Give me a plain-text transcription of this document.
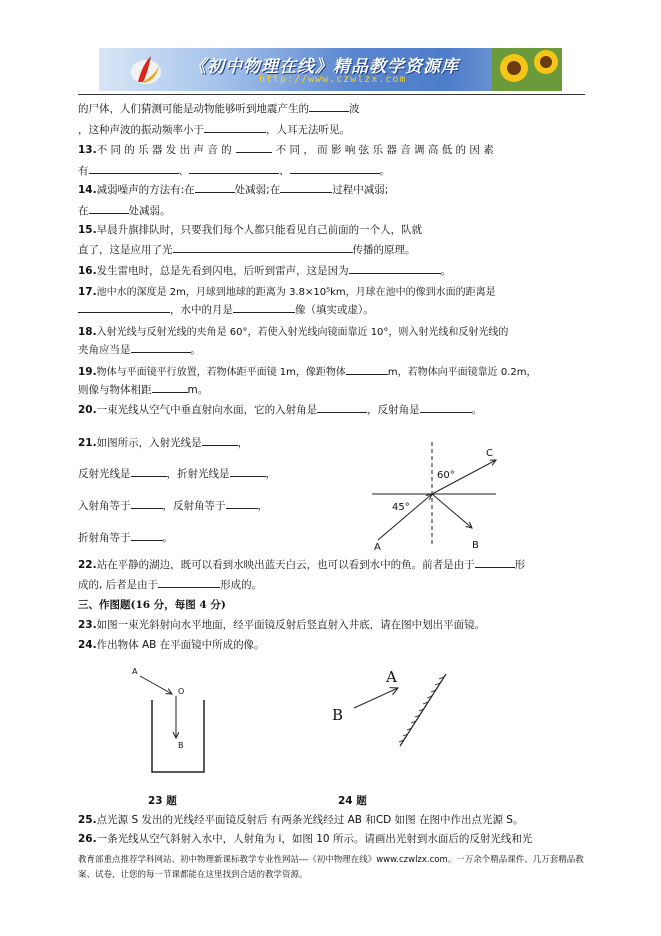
《初中物理在线》精品教学资源库
http://www.czwlzx.com
的尸体，人们猜测可能是动物能够听到地震产生的	波
，这种声波的振动频率小于	，人耳无法听见。
13.不 同 的 乐 器 发 出 声 音 的	不 同 ， 而 影 响 弦 乐 器 音 调 高 低 的 因 素
有	、	、	。
14.减弱噪声的方法有:在	处减弱;在	过程中减弱;
在	处减弱。
15.早晨升旗排队时，只要我们每个人都只能看见自己前面的一个人，队就
直了，这是应用了光	传播的原理。
16.发生雷电时，总是先看到闪电，后听到雷声，这是因为	。
17.池中水的深度是 2m，月球到地球的距离为 3.8×10⁵km，月球在池中的像到水面的距离是
，水中的月是	像（填实或虚）。
18.入射光线与反射光线的夹角是 60°，若使入射光线向镜面靠近 10°，则入射光线和反射光线的
夹角应当是	。
19.物体与平面镜平行放置，若物体距平面镜 1m，像距物体	m，若物体向平面镜靠近 0.2m，
则像与物体相距	m。
20.一束光线从空气中垂直射向水面，它的入射角是	，反射角是	。
21.如图所示，入射光线是	，
反射光线是	，折射光线是	，
入射角等于	，反射角等于	，
折射角等于	。
60°
45°
A	B
C
22.站在平静的湖边，既可以看到水映出蓝天白云，也可以看到水中的鱼。前者是由于	形
成的, 后者是由于	形成的。
三、作图题(16 分，每图 4 分)
23.如图一束光斜射向水平地面，经平面镜反射后竖直射入井底，请在图中划出平面镜。
24.作出物体 AB 在平面镜中所成的像。
A
O
B
23 题
A
B
24 题
25.点光源 S 发出的光线经平面镜反射后 有两条光线经过 AB 和CD 如图 在图中作出点光源 S。
26.一条光线从空气斜射入水中，人射角为 i，如图 10 所示。请画出光射到水面后的反射光线和光
教育部重点推荐学科网站、初中物理新课标教学专业性网站---《初中物理在线》www.czwlzx.com。一万余个精品课件、几万套精品教案、试卷，让您的每一节课都能在这里找到合适的教学资源。
